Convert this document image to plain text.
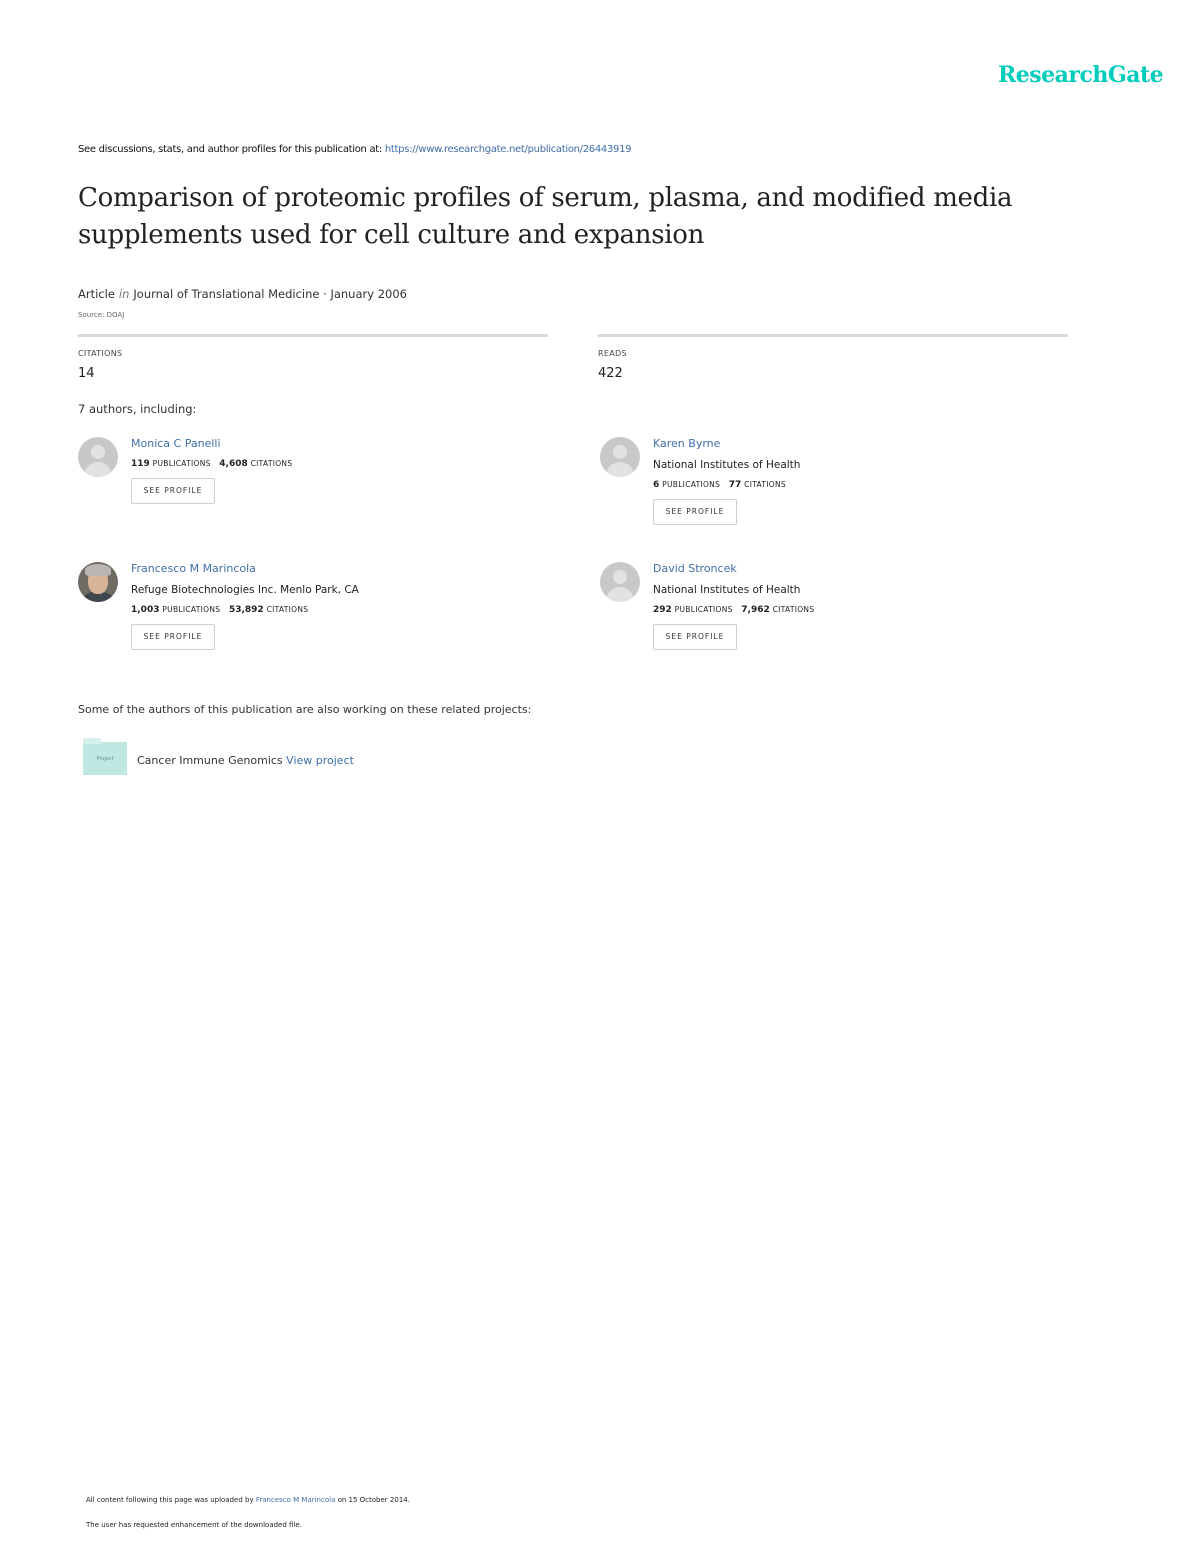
ResearchGate
See discussions, stats, and author profiles for this publication at: https://www.researchgate.net/publication/26443919
Comparison of proteomic profiles of serum, plasma, and modified media supplements used for cell culture and expansion
Article in Journal of Translational Medicine · January 2006
Source: DOAJ
CITATIONS
14
READS
422
7 authors, including:
Monica C Panelli
119 PUBLICATIONS 4,608 CITATIONS
SEE PROFILE
Karen Byrne
National Institutes of Health
6 PUBLICATIONS 77 CITATIONS
SEE PROFILE
Francesco M Marincola
Refuge Biotechnologies Inc. Menlo Park, CA
1,003 PUBLICATIONS 53,892 CITATIONS
SEE PROFILE
David Stroncek
National Institutes of Health
292 PUBLICATIONS 7,962 CITATIONS
SEE PROFILE
Some of the authors of this publication are also working on these related projects:
Project	Cancer Immune Genomics View project
All content following this page was uploaded by Francesco M Marincola on 15 October 2014.
The user has requested enhancement of the downloaded file.
